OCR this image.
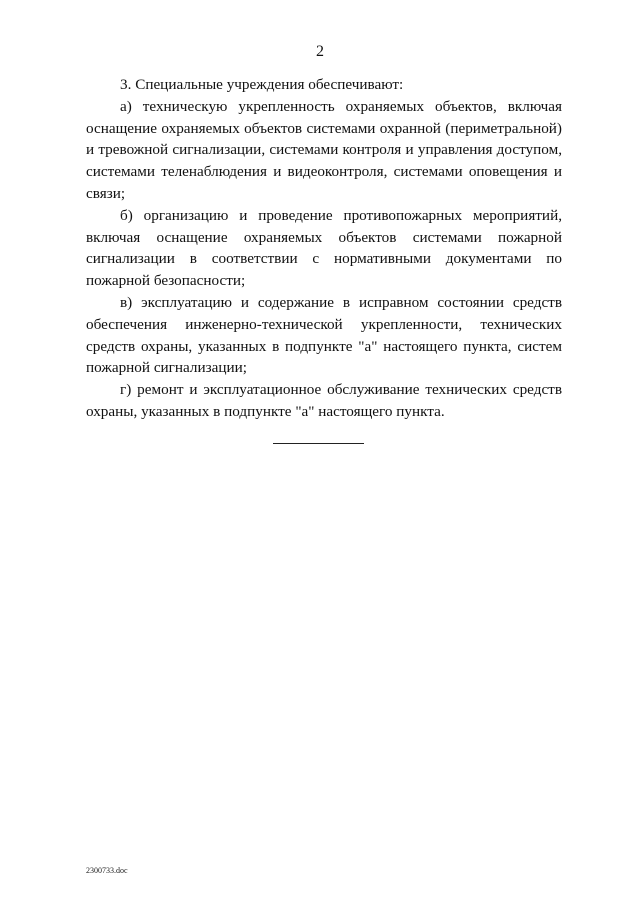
2

3. Специальные учреждения обеспечивают:

а) техническую укрепленность охраняемых объектов, включая оснащение охраняемых объектов системами охранной (периметральной) и тревожной сигнализации, системами контроля и управления доступом, системами теленаблюдения и видеоконтроля, системами оповещения и связи;

б) организацию и проведение противопожарных мероприятий, включая оснащение охраняемых объектов системами пожарной сигнализации в соответствии с нормативными документами по пожарной безопасности;

в) эксплуатацию и содержание в исправном состоянии средств обеспечения инженерно-технической укрепленности, технических средств охраны, указанных в подпункте "а" настоящего пункта, систем пожарной сигнализации;

г) ремонт и эксплуатационное обслуживание технических средств охраны, указанных в подпункте "а" настоящего пункта.

2300733.doc
